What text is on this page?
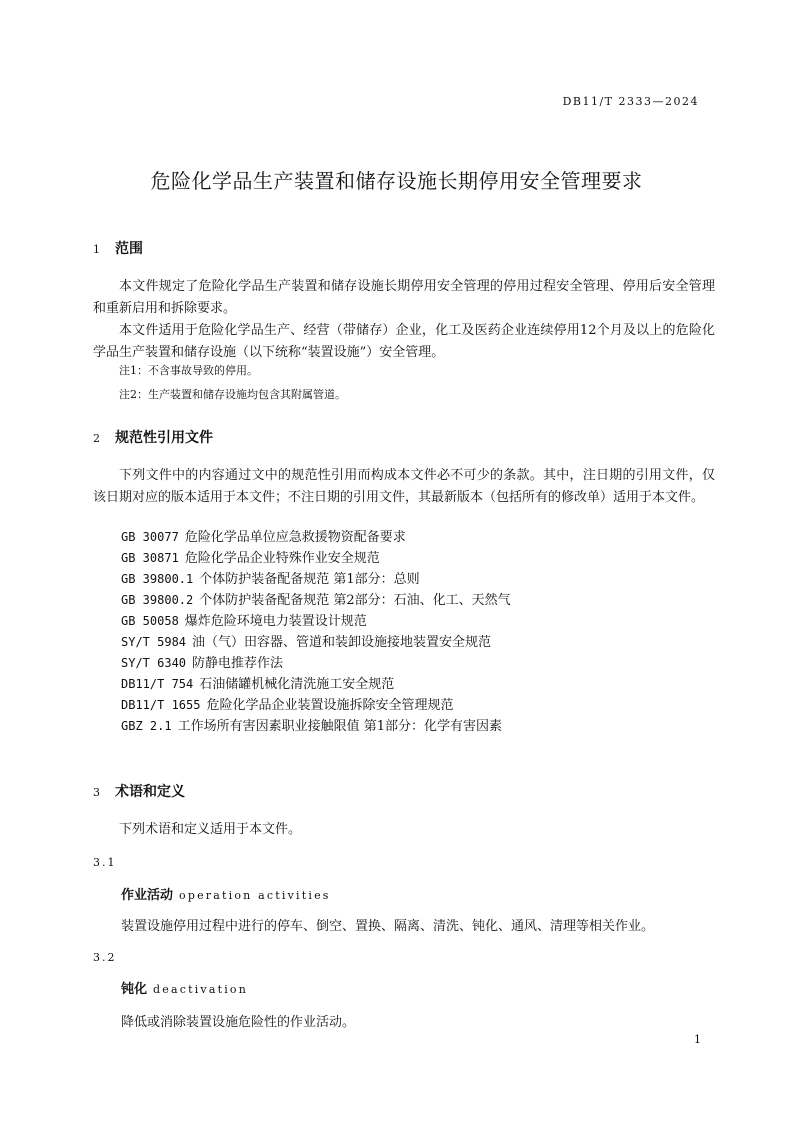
DB11/T 2333—2024
危险化学品生产装置和储存设施长期停用安全管理要求
1 范围
本文件规定了危险化学品生产装置和储存设施长期停用安全管理的停用过程安全管理、停用后安全管理和重新启用和拆除要求。
本文件适用于危险化学品生产、经营（带储存）企业，化工及医药企业连续停用12个月及以上的危险化学品生产装置和储存设施（以下统称“装置设施”）安全管理。
注1：不含事故导致的停用。
注2：生产装置和储存设施均包含其附属管道。
2 规范性引用文件
下列文件中的内容通过文中的规范性引用而构成本文件必不可少的条款。其中，注日期的引用文件，仅该日期对应的版本适用于本文件；不注日期的引用文件，其最新版本（包括所有的修改单）适用于本文件。
GB 30077 危险化学品单位应急救援物资配备要求
GB 30871 危险化学品企业特殊作业安全规范
GB 39800.1 个体防护装备配备规范 第1部分：总则
GB 39800.2 个体防护装备配备规范 第2部分：石油、化工、天然气
GB 50058 爆炸危险环境电力装置设计规范
SY/T 5984 油（气）田容器、管道和装卸设施接地装置安全规范
SY/T 6340 防静电推荐作法
DB11/T 754 石油储罐机械化清洗施工安全规范
DB11/T 1655 危险化学品企业装置设施拆除安全管理规范
GBZ 2.1 工作场所有害因素职业接触限值 第1部分：化学有害因素
3 术语和定义
下列术语和定义适用于本文件。
3.1
作业活动 operation activities
装置设施停用过程中进行的停车、倒空、置换、隔离、清洗、钝化、通风、清理等相关作业。
3.2
钝化 deactivation
降低或消除装置设施危险性的作业活动。
1
